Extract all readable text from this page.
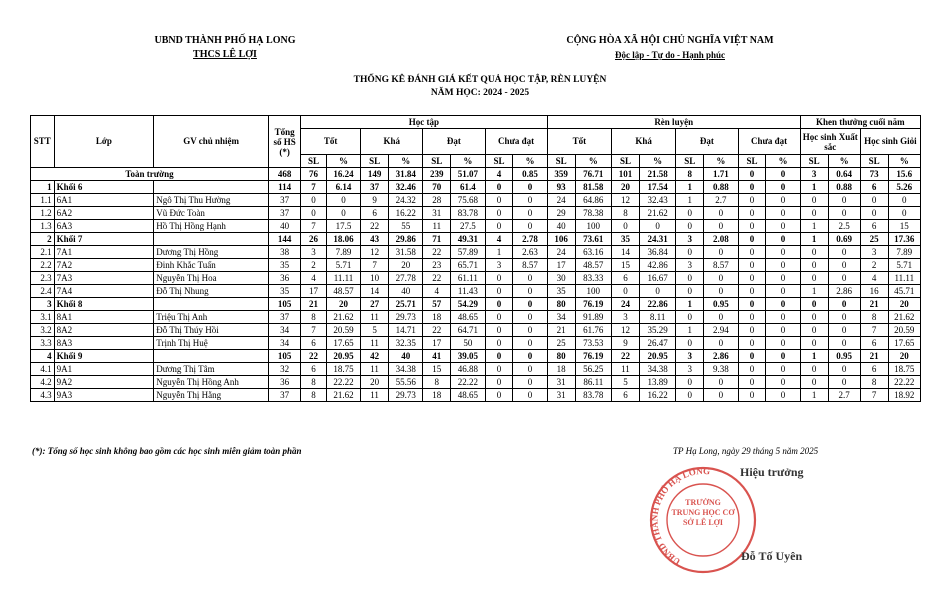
UBND THÀNH PHỐ HẠ LONG
THCS LÊ LỢI
CỘNG HÒA XÃ HỘI CHỦ NGHĨA VIỆT NAM
Độc lập - Tự do - Hạnh phúc
THỐNG KÊ ĐÁNH GIÁ KẾT QUẢ HỌC TẬP, RÈN LUYỆN
NĂM HỌC: 2024 - 2025
STT	Lớp	GV chủ nhiệm	Tổng số HS (*)	Học tập								Rèn luyện								Khen thưởng cuối năm			
				Tốt		Khá		Đạt		Chưa đạt		Tốt		Khá		Đạt		Chưa đạt		Học sinh Xuất sắc		Học sinh Giỏi	
				SL	%	SL	%	SL	%	SL	%	SL	%	SL	%	SL	%	SL	%	SL	%	SL	%
Toàn trường			468	76	16.24	149	31.84	239	51.07	4	0.85	359	76.71	101	21.58	8	1.71	0	0	3	0.64	73	15.6
1	Khối 6		114	7	6.14	37	32.46	70	61.4	0	0	93	81.58	20	17.54	1	0.88	0	0	1	0.88	6	5.26
1.1	6A1	Ngô Thị Thu Hường	37	0	0	9	24.32	28	75.68	0	0	24	64.86	12	32.43	1	2.7	0	0	0	0	0	0
1.2	6A2	Vũ Đức Toàn	37	0	0	6	16.22	31	83.78	0	0	29	78.38	8	21.62	0	0	0	0	0	0	0	0
1.3	6A3	Hồ Thị Hồng Hạnh	40	7	17.5	22	55	11	27.5	0	0	40	100	0	0	0	0	0	0	1	2.5	6	15
2	Khối 7		144	26	18.06	43	29.86	71	49.31	4	2.78	106	73.61	35	24.31	3	2.08	0	0	1	0.69	25	17.36
2.1	7A1	Dương Thị Hồng	38	3	7.89	12	31.58	22	57.89	1	2.63	24	63.16	14	36.84	0	0	0	0	0	0	3	7.89
2.2	7A2	Đinh Khắc Tuấn	35	2	5.71	7	20	23	65.71	3	8.57	17	48.57	15	42.86	3	8.57	0	0	0	0	2	5.71
2.3	7A3	Nguyễn Thị Hoa	36	4	11.11	10	27.78	22	61.11	0	0	30	83.33	6	16.67	0	0	0	0	0	0	4	11.11
2.4	7A4	Đỗ Thị Nhung	35	17	48.57	14	40	4	11.43	0	0	35	100	0	0	0	0	0	0	1	2.86	16	45.71
3	Khối 8		105	21	20	27	25.71	57	54.29	0	0	80	76.19	24	22.86	1	0.95	0	0	0	0	21	20
3.1	8A1	Triệu Thị Anh	37	8	21.62	11	29.73	18	48.65	0	0	34	91.89	3	8.11	0	0	0	0	0	0	8	21.62
3.2	8A2	Đỗ Thị Thúy Hồi	34	7	20.59	5	14.71	22	64.71	0	0	21	61.76	12	35.29	1	2.94	0	0	0	0	7	20.59
3.3	8A3	Trịnh Thị Huệ	34	6	17.65	11	32.35	17	50	0	0	25	73.53	9	26.47	0	0	0	0	0	0	6	17.65
4	Khối 9		105	22	20.95	42	40	41	39.05	0	0	80	76.19	22	20.95	3	2.86	0	0	1	0.95	21	20
4.1	9A1	Dương Thị Tâm	32	6	18.75	11	34.38	15	46.88	0	0	18	56.25	11	34.38	3	9.38	0	0	0	0	6	18.75
4.2	9A2	Nguyễn Thị Hồng Anh	36	8	22.22	20	55.56	8	22.22	0	0	31	86.11	5	13.89	0	0	0	0	0	0	8	22.22
4.3	9A3	Nguyễn Thị Hằng	37	8	21.62	11	29.73	18	48.65	0	0	31	83.78	6	16.22	0	0	0	0	1	2.7	7	18.92
(*): Tổng số học sinh không bao gồm các học sinh miễn giảm toàn phần	TP Hạ Long, ngày 29 tháng 5 năm 2025
UBND THÀNH PHỐ HẠ LONG
TRƯỜNG TRUNG HỌC CƠ SỞ LÊ LỢI
Hiệu trưởng
Đỗ Tố Uyên
